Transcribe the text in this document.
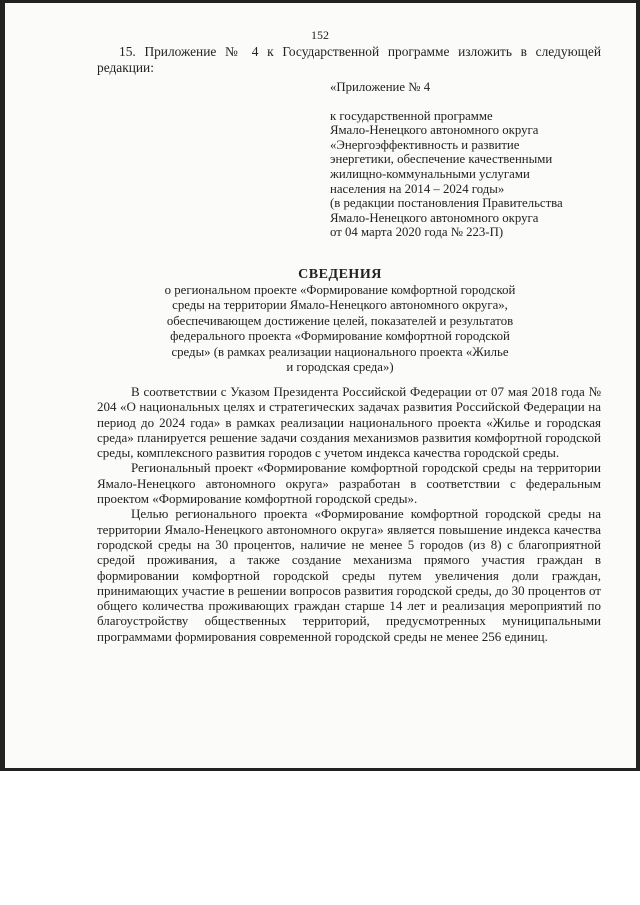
152
15. Приложение № 4 к Государственной программе изложить в следующей редакции:
«Приложение № 4
к государственной программе
Ямало-Ненецкого автономного округа
«Энергоэффективность и развитие
энергетики, обеспечение качественными
жилищно-коммунальными услугами
населения на 2014 – 2024 годы»
(в редакции постановления Правительства
Ямало-Ненецкого автономного округа
от 04 марта 2020 года № 223-П)
СВЕДЕНИЯ
о региональном проекте «Формирование комфортной городской
среды на территории Ямало-Ненецкого автономного округа»,
обеспечивающем достижение целей, показателей и результатов
федерального проекта «Формирование комфортной городской
среды» (в рамках реализации национального проекта «Жилье
и городская среда»)

В соответствии с Указом Президента Российской Федерации от 07 мая 2018 года № 204 «О национальных целях и стратегических задачах развития Российской Федерации на период до 2024 года» в рамках реализации национального проекта «Жилье и городская среда» планируется решение задачи создания механизмов развития комфортной городской среды, комплексного развития городов с учетом индекса качества городской среды.

Региональный проект «Формирование комфортной городской среды на территории Ямало-Ненецкого автономного округа» разработан в соответствии с федеральным проектом «Формирование комфортной городской среды».

Целью регионального проекта «Формирование комфортной городской среды на территории Ямало-Ненецкого автономного округа» является повышение индекса качества городской среды на 30 процентов, наличие не менее 5 городов (из 8) с благоприятной средой проживания, а также создание механизма прямого участия граждан в формировании комфортной городской среды путем увеличения доли граждан, принимающих участие в решении вопросов развития городской среды, до 30 процентов от общего количества проживающих граждан старше 14 лет и реализация мероприятий по благоустройству общественных территорий, предусмотренных муниципальными программами формирования современной городской среды не менее 256 единиц.
